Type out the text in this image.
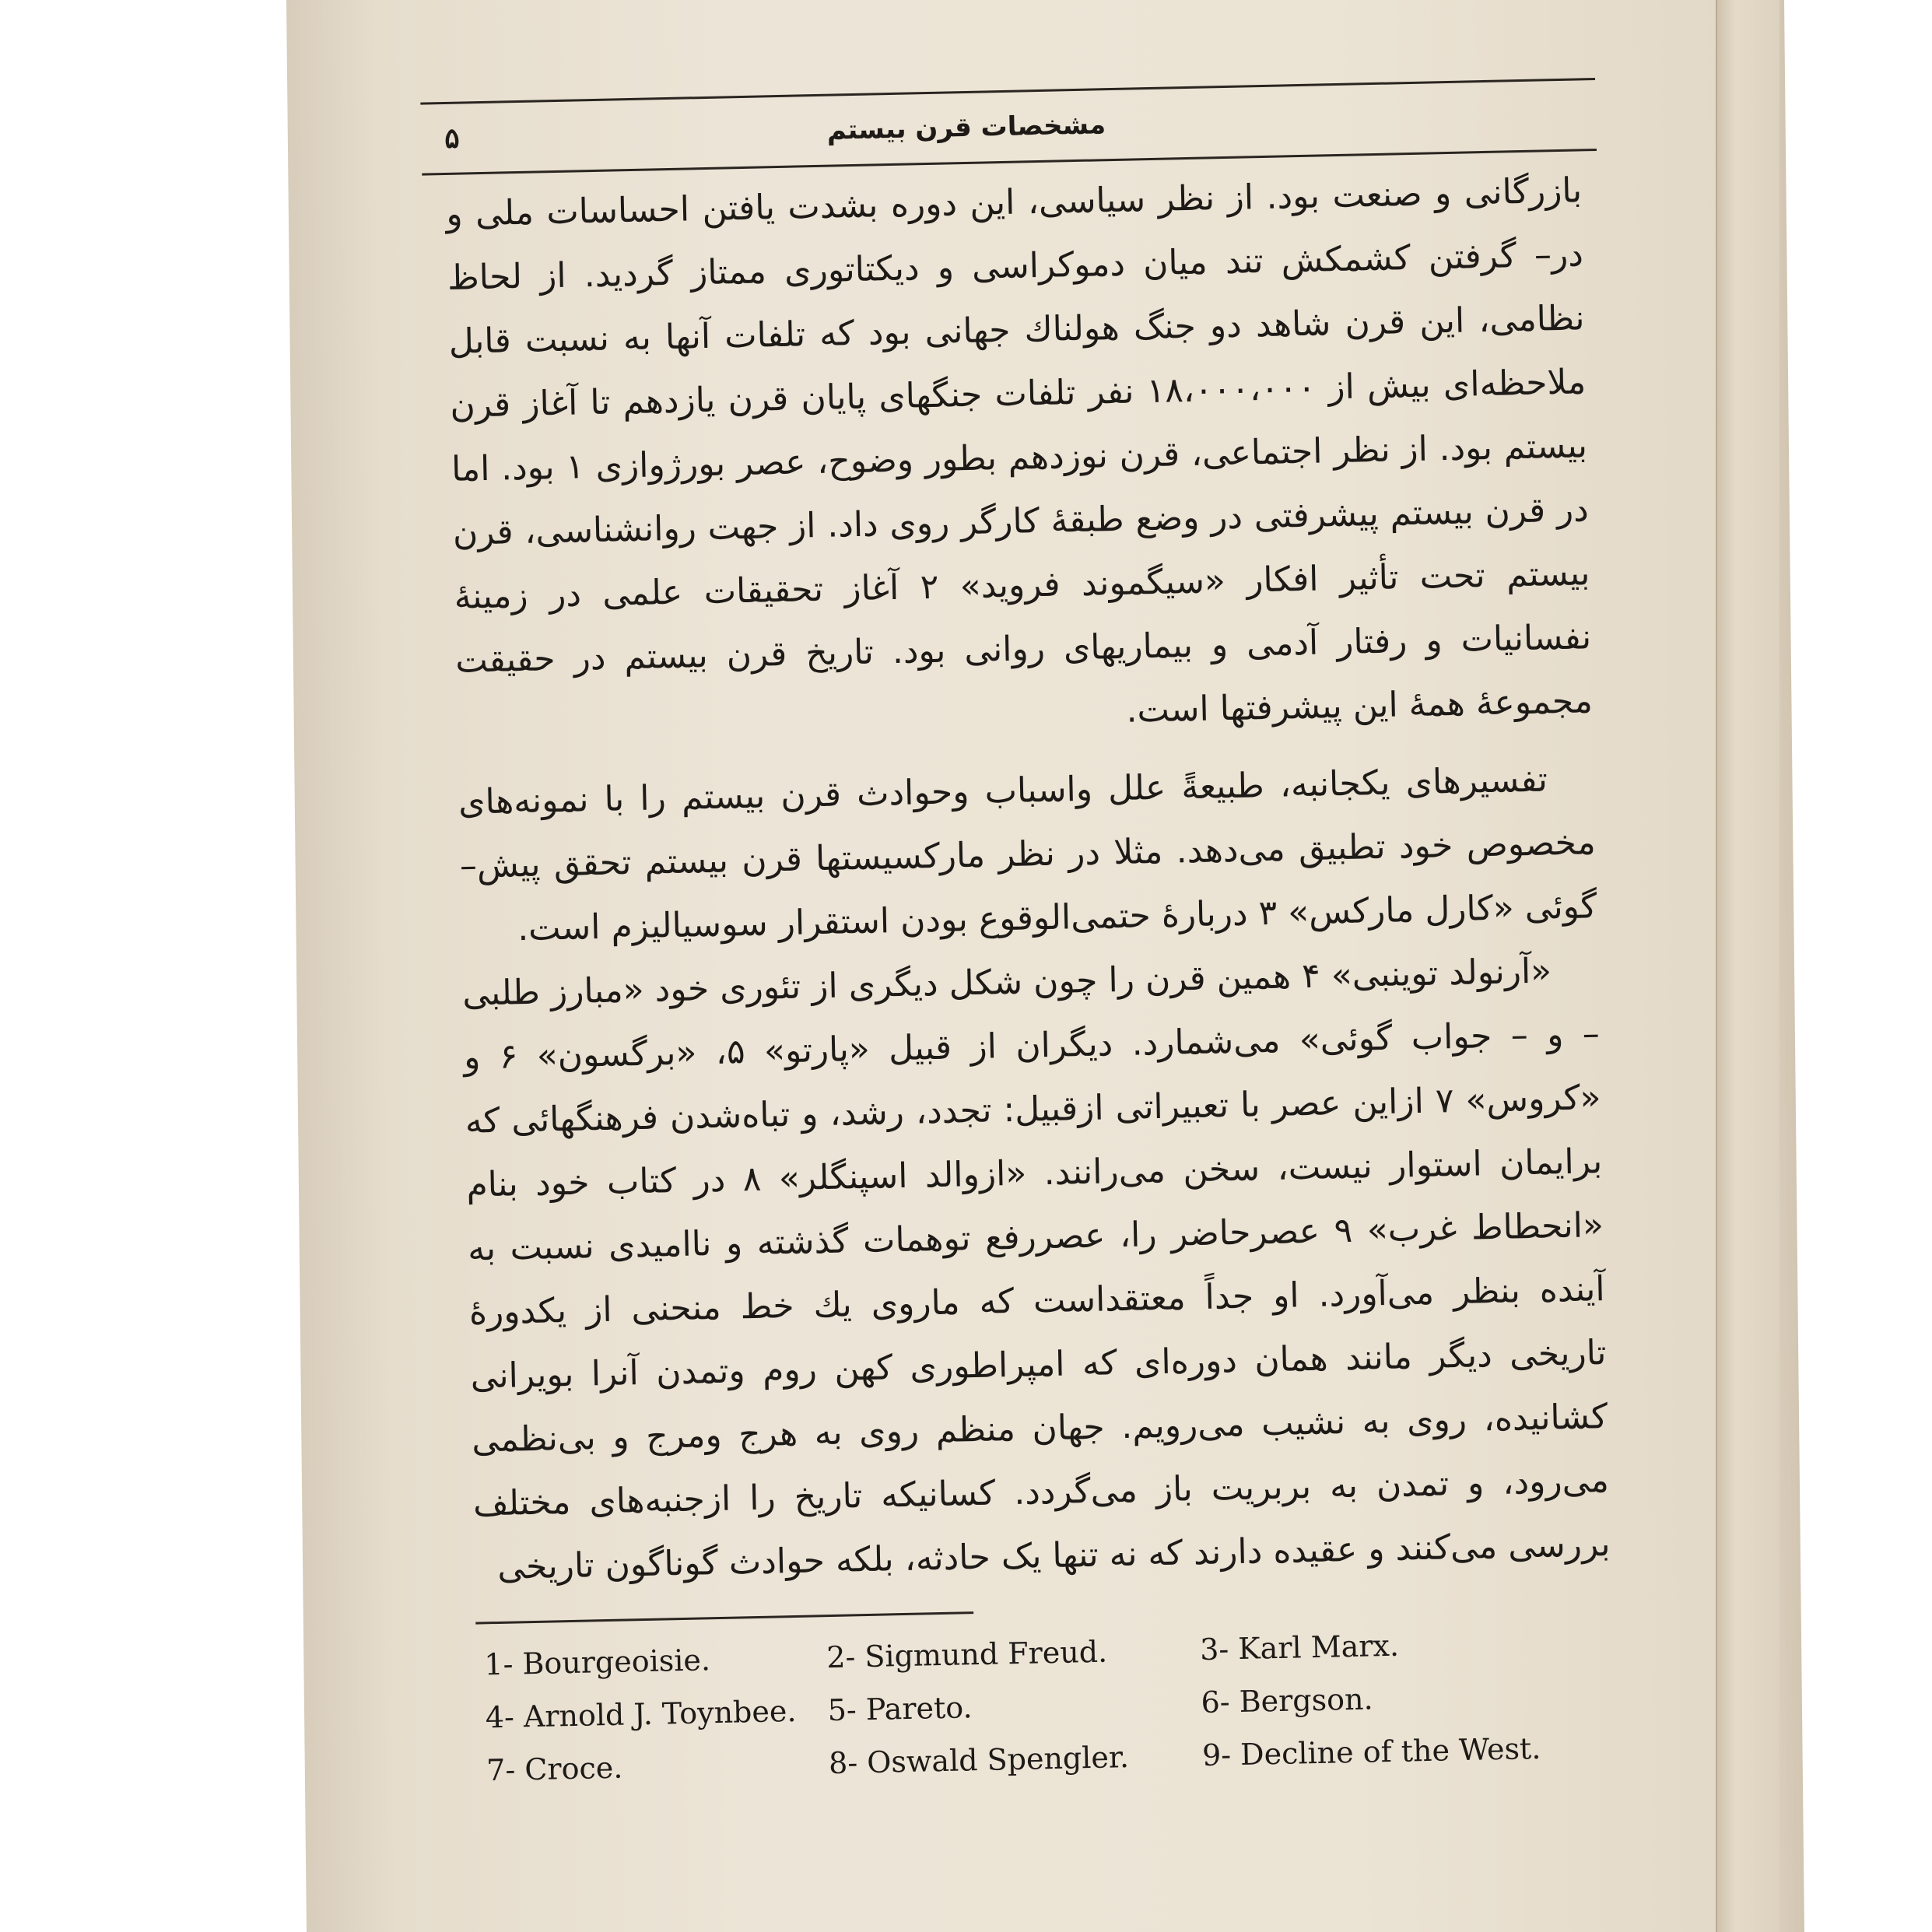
۵	مشخصات قرن بیستم

بازرگانی و صنعت بود. از نظر سیاسی، این دوره بشدت یافتن احساسات ملی و در– گرفتن کشمکش تند میان دموکراسی و دیکتاتوری ممتاز گردید. از لحاظ نظامی، این قرن شاهد دو جنگ هولناك جهانی بود که تلفات آنها به نسبت قابل ملاحظه‌ای بیش از ۱۸،۰۰۰،۰۰۰ نفر تلفات جنگهای پایان قرن یازدهم تا آغاز قرن بیستم بود. از نظر اجتماعی، قرن نوزدهم بطور وضوح، عصر بورژوازی ۱ بود. اما در قرن بیستم پیشرفتی در وضع طبقهٔ کارگر روی داد. از جهت روانشناسی، قرن بیستم تحت تأثیر افکار «سیگموند فروید» ۲ آغاز تحقیقات علمی در زمینهٔ نفسانیات و رفتار آدمی و بیماریهای روانی بود. تاریخ قرن بیستم در حقیقت مجموعهٔ همهٔ این پیشرفتها است.

تفسیرهای یکجانبه، طبیعةً علل واسباب وحوادث قرن بیستم را با نمونه‌های مخصوص خود تطبیق می‌دهد. مثلا در نظر مارکسیستها قرن بیستم تحقق پیش– گوئی «کارل مارکس» ۳ دربارهٔ حتمی‌الوقوع بودن استقرار سوسیالیزم است.

«آرنولد توینبی» ۴ همین قرن را چون شکل دیگری از تئوری خود «مبارز طلبی – و – جواب گوئی» می‌شمارد. دیگران از قبیل «پارتو» ۵، «برگسون» ۶ و «کروس» ۷ ازاین عصر با تعبیراتی ازقبیل: تجدد، رشد، و تباه‌شدن فرهنگهائی که برایمان استوار نیست، سخن می‌رانند. «ازوالد اسپنگلر» ۸ در کتاب خود بنام «انحطاط غرب» ۹ عصرحاضر را، عصررفع توهمات گذشته و ناامیدی نسبت به آینده بنظر می‌آورد. او جداً معتقداست که ماروی یك خط منحنی از یکدورهٔ تاریخی دیگر مانند همان دوره‌ای که امپراطوری کهن روم وتمدن آنرا بویرانی کشانیده، روی به نشیب می‌رویم. جهان منظم روی به هرج ومرج و بی‌نظمی می‌رود، و تمدن به بربریت باز می‌گردد. کسانیکه تاریخ را ازجنبه‌های مختلف بررسی می‌کنند و عقیده دارند که نه تنها یک حادثه، بلکه حوادث گوناگون تاریخی

1- Bourgeoisie.	2- Sigmund Freud.	3- Karl Marx.
4- Arnold J. Toynbee.	5- Pareto.	6- Bergson.
7- Croce.	8- Oswald Spengler.	9- Decline of the West.
